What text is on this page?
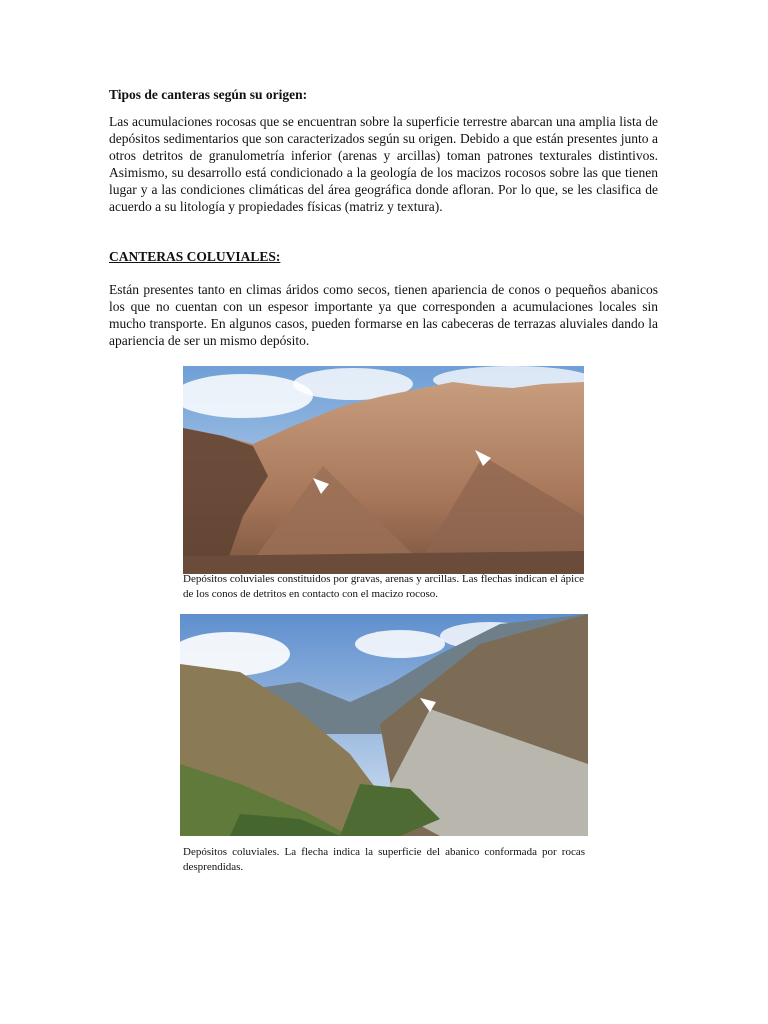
Tipos de canteras según su origen:

Las acumulaciones rocosas que se encuentran sobre la superficie terrestre abarcan una amplia lista de depósitos sedimentarios que son caracterizados según su origen. Debido a que están presentes junto a otros detritos de granulometría inferior (arenas y arcillas) toman patrones texturales distintivos. Asimismo, su desarrollo está condicionado a la geología de los macizos rocosos sobre las que tienen lugar y a las condiciones climáticas del área geográfica donde afloran. Por lo que, se les clasifica de acuerdo a su litología y propiedades físicas (matriz y textura).

CANTERAS COLUVIALES:

Están presentes tanto en climas áridos como secos, tienen apariencia de conos o pequeños abanicos los que no cuentan con un espesor importante ya que corresponden a acumulaciones locales sin mucho transporte. En algunos casos, pueden formarse en las cabeceras de terrazas aluviales dando la apariencia de ser un mismo depósito.

Depósitos coluviales constituidos por gravas, arenas y arcillas. Las flechas indican el ápice de los conos de detritos en contacto con el macizo rocoso.

Depósitos coluviales. La flecha indica la superficie del abanico conformada por rocas desprendidas.
